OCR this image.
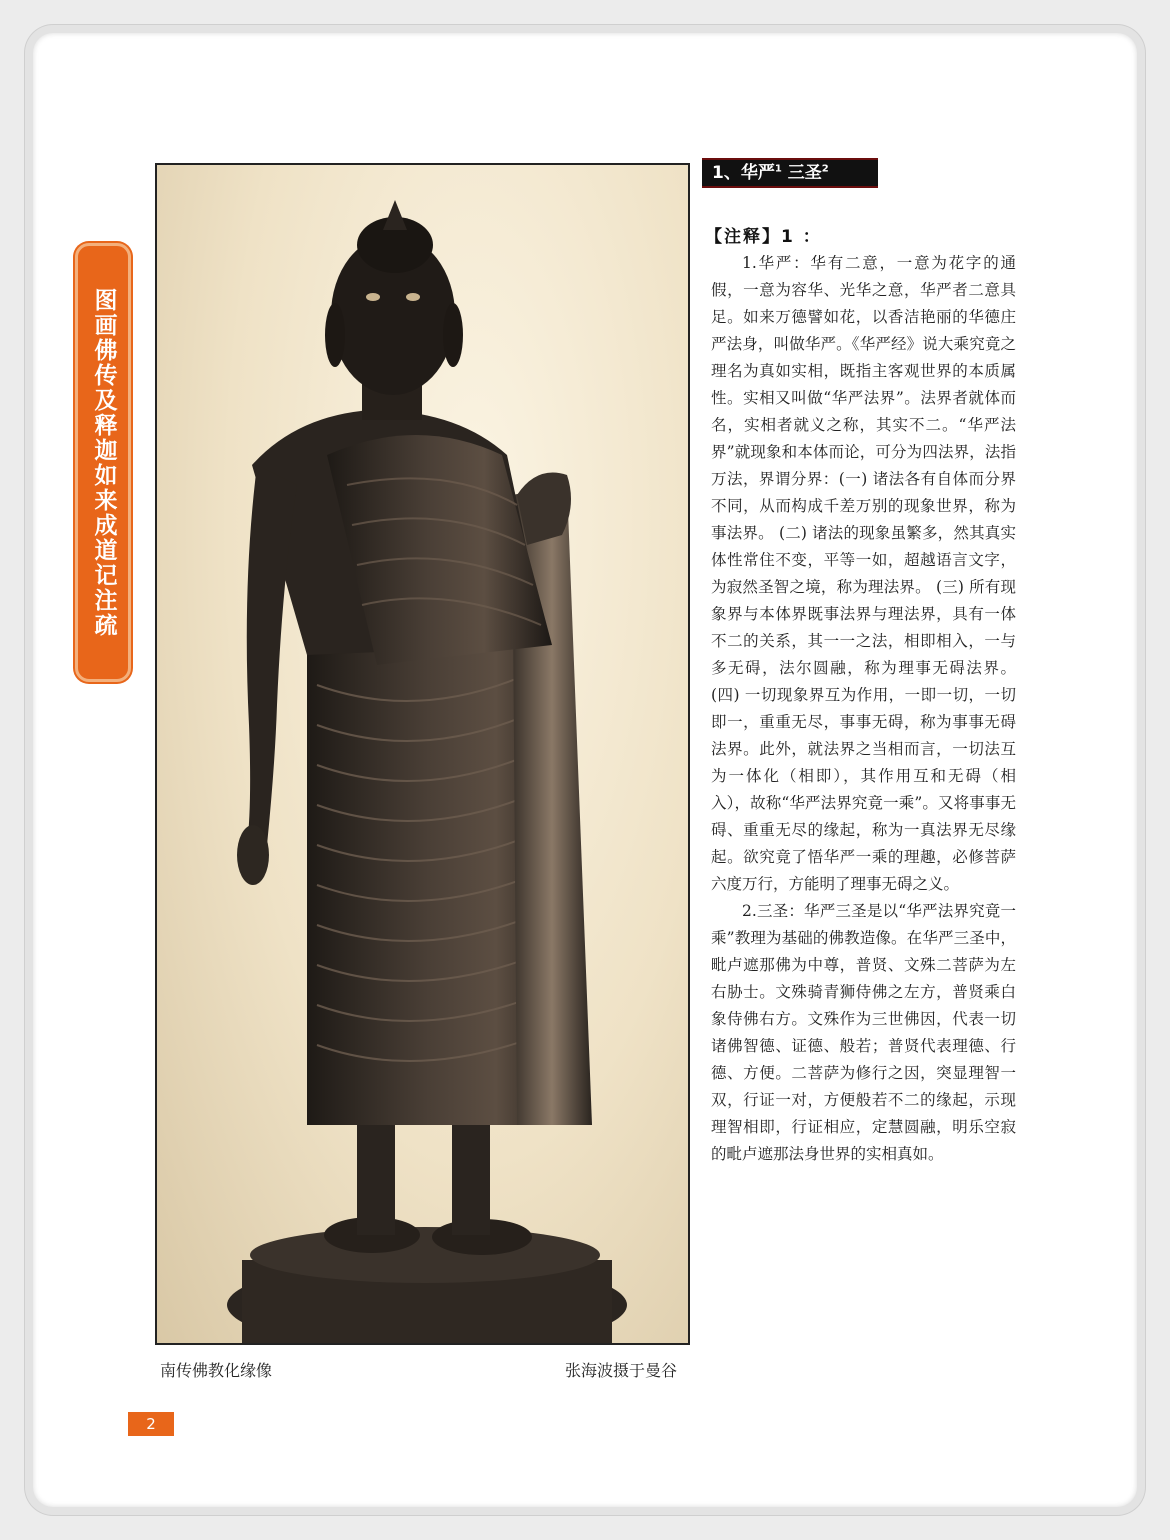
图画佛传及释迦如来成道记注疏
南传佛教化缘像	张海波摄于曼谷
1、华严$^1$ 三圣$^2$
【注释】1 ：

1.华严：华有二意，一意为花字的通假，一意为容华、光华之意，华严者二意具足。如来万德譬如花，以香洁艳丽的华德庄严法身，叫做华严。《华严经》说大乘究竟之理名为真如实相，既指主客观世界的本质属性。实相又叫做“华严法界”。法界者就体而名，实相者就义之称，其实不二。“华严法界”就现象和本体而论，可分为四法界，法指万法，界谓分界：(一) 诸法各有自体而分界不同，从而构成千差万别的现象世界，称为事法界。 (二) 诸法的现象虽繁多，然其真实体性常住不变，平等一如，超越语言文字，为寂然圣智之境，称为理法界。 (三) 所有现象界与本体界既事法界与理法界，具有一体不二的关系，其一一之法，相即相入，一与多无碍，法尔圆融，称为理事无碍法界。(四) 一切现象界互为作用，一即一切，一切即一，重重无尽，事事无碍，称为事事无碍法界。此外，就法界之当相而言，一切法互为一体化（相即），其作用互和无碍（相入），故称“华严法界究竟一乘”。又将事事无碍、重重无尽的缘起，称为一真法界无尽缘起。欲究竟了悟华严一乘的理趣，必修菩萨六度万行，方能明了理事无碍之义。

2.三圣：华严三圣是以“华严法界究竟一乘”教理为基础的佛教造像。在华严三圣中，毗卢遮那佛为中尊，普贤、文殊二菩萨为左右胁士。文殊骑青狮侍佛之左方，普贤乘白象侍佛右方。文殊作为三世佛因，代表一切诸佛智德、证德、般若；普贤代表理德、行德、方便。二菩萨为修行之因，突显理智一双，行证一对，方便般若不二的缘起，示现理智相即，行证相应，定慧圆融，明乐空寂的毗卢遮那法身世界的实相真如。

2
